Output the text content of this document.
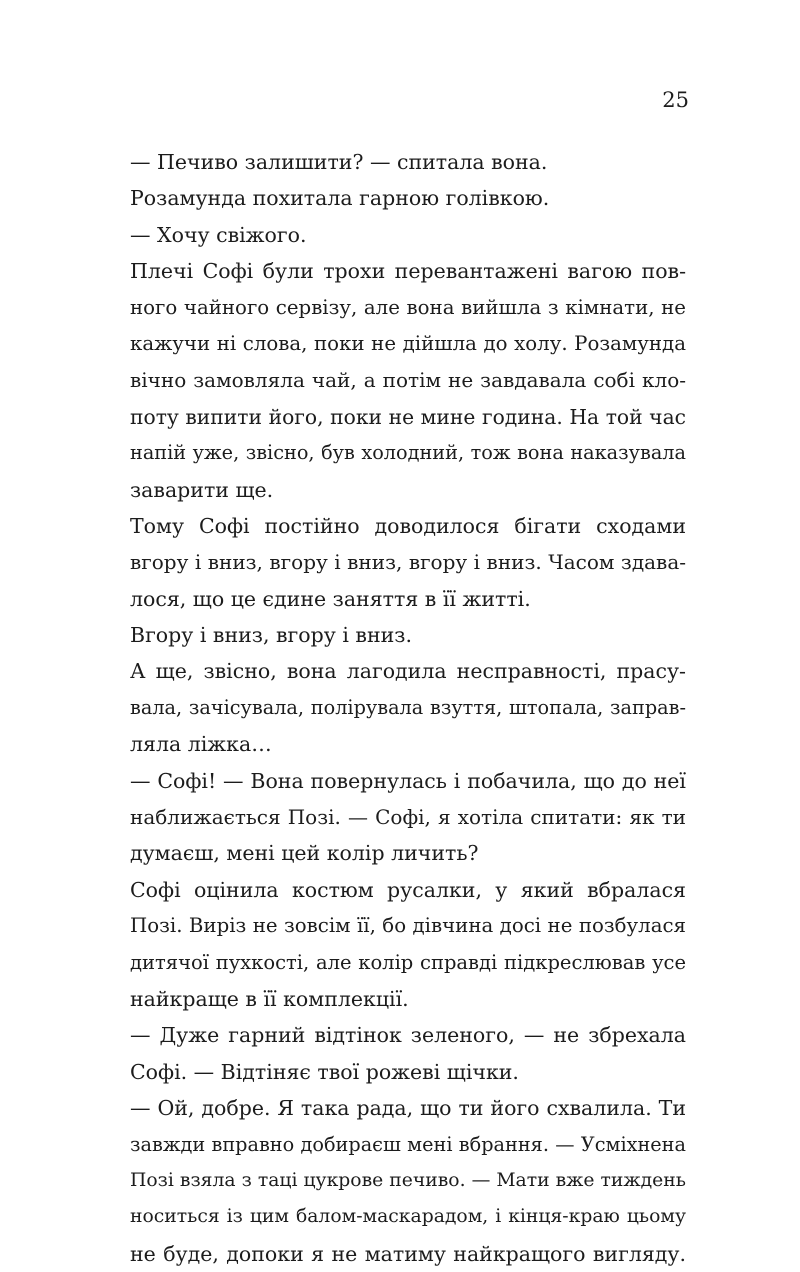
25
— Печиво залишити? — спитала вона.
Розамунда похитала гарною голівкою.
— Хочу свіжого.
Плечі Софі були трохи перевантажені вагою пов-
ного чайного сервізу, але вона вийшла з кімнати, не
кажучи ні слова, поки не дійшла до холу. Розамунда
вічно замовляла чай, а потім не завдавала собі кло-
поту випити його, поки не мине година. На той час
напій уже, звісно, був холодний, тож вона наказувала
заварити ще.
Тому Софі постійно доводилося бігати сходами
вгору і вниз, вгору і вниз, вгору і вниз. Часом здава-
лося, що це єдине заняття в її житті.
Вгору і вниз, вгору і вниз.
А ще, звісно, вона лагодила несправності, прасу-
вала, зачісувала, полірувала взуття, штопала, заправ-
ляла ліжка…
— Софі! — Вона повернулась і побачила, що до неї
наближається Позі. — Софі, я хотіла спитати: як ти
думаєш, мені цей колір личить?
Софі оцінила костюм русалки, у який вбралася
Позі. Виріз не зовсім її, бо дівчина досі не позбулася
дитячої пухкості, але колір справді підкреслював усе
найкраще в її комплекції.
— Дуже гарний відтінок зеленого, — не збрехала
Софі. — Відтіняє твої рожеві щічки.
— Ой, добре. Я така рада, що ти його схвалила. Ти
завжди вправно добираєш мені вбрання. — Усміхнена
Позі взяла з таці цукрове печиво. — Мати вже тиждень
носиться із цим балом-маскарадом, і кінця-краю цьому
не буде, допоки я не матиму найкращого вигляду.
